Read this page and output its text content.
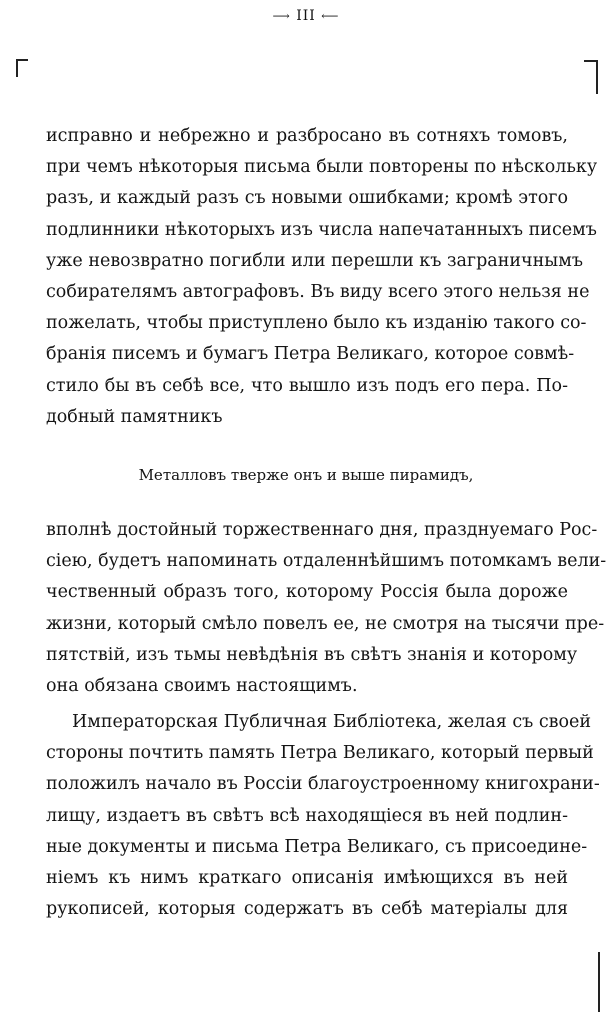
⟶ III ⟵
исправно и небрежно и разбросано въ сотняхъ томовъ,
при чемъ нѣкоторыя письма были повторены по нѣскольку
разъ, и каждый разъ съ новыми ошибками; кромѣ этого
подлинники нѣкоторыхъ изъ числа напечатанныхъ писемъ
уже невозвратно погибли или перешли къ заграничнымъ
собирателямъ автографовъ. Въ виду всего этого нельзя не
пожелать, чтобы приступлено было къ изданію такого со-
бранія писемъ и бумагъ Петра Великаго, которое совмѣ-
стило бы въ себѣ все, что вышло изъ подъ его пера. По-
добный памятникъ
Металловъ тверже онъ и выше пирамидъ,
вполнѣ достойный торжественнаго дня, празднуемаго Рос-
сіею, будетъ напоминать отдаленнѣйшимъ потомкамъ вели-
чественный образъ того, которому Россія была дороже
жизни, который смѣло повелъ ее, не смотря на тысячи пре-
пятствій, изъ тьмы невѣдѣнія въ свѣтъ знанія и которому
она обязана своимъ настоящимъ.
Императорская Публичная Библіотека, желая съ своей
стороны почтить память Петра Великаго, который первый
положилъ начало въ Россіи благоустроенному книгохрани-
лищу, издаетъ въ свѣтъ всѣ находящіеся въ ней подлин-
ные документы и письма Петра Великаго, съ присоедине-
ніемъ къ нимъ краткаго описанія имѣющихся въ ней
рукописей, которыя содержатъ въ себѣ матеріалы для
